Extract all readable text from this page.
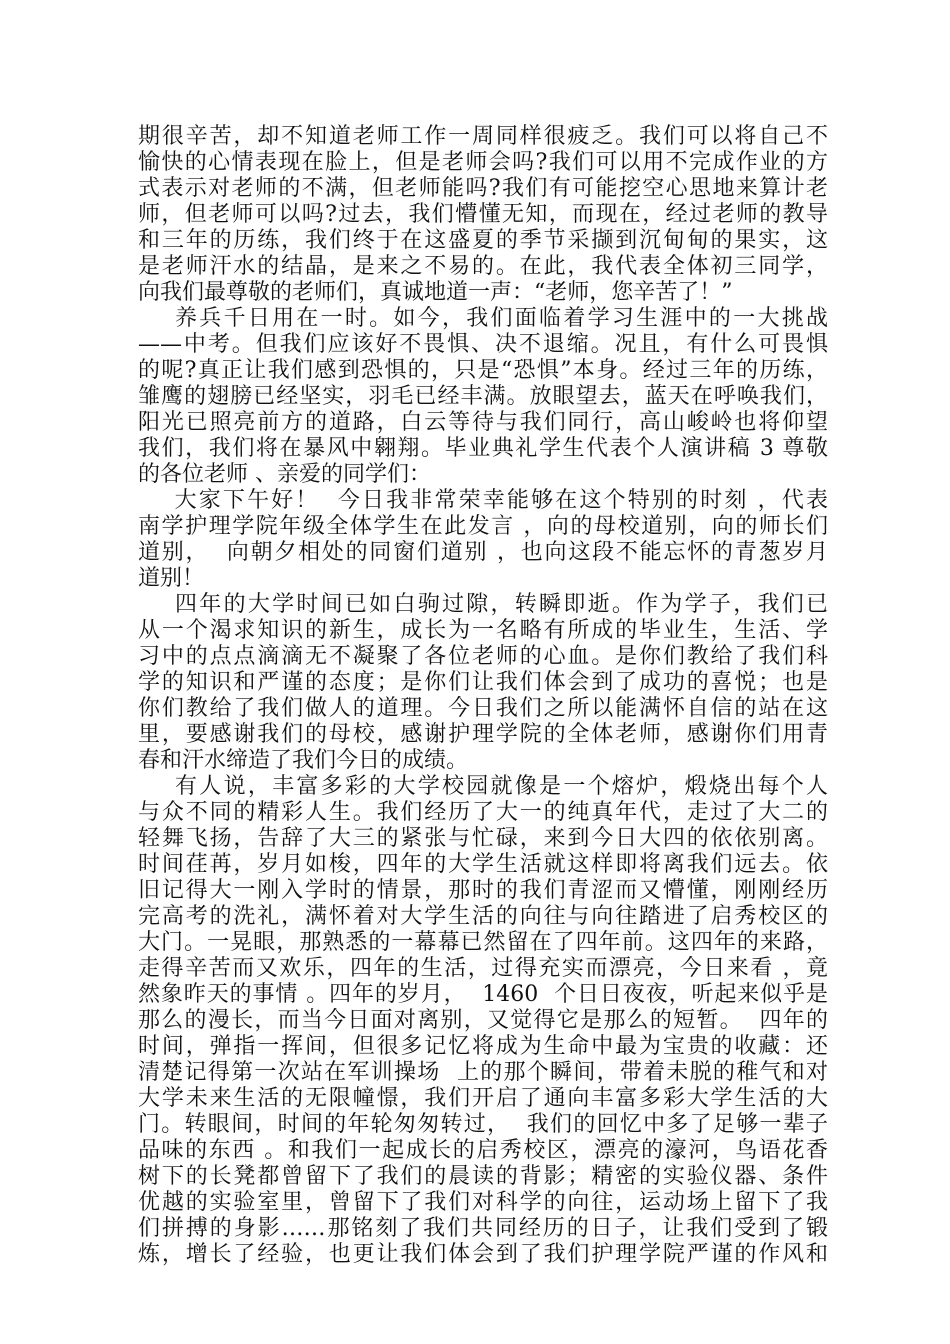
期很辛苦，却不知道老师工作一周同样很疲乏。我们可以将自己不
愉快的心情表现在脸上，但是老师会吗?我们可以用不完成作业的方
式表示对老师的不满，但老师能吗?我们有可能挖空心思地来算计老
师，但老师可以吗?过去，我们懵懂无知，而现在，经过老师的教导
和三年的历练，我们终于在这盛夏的季节采撷到沉甸甸的果实，这
是老师汗水的结晶，是来之不易的。在此，我代表全体初三同学，
向我们最尊敬的老师们，真诚地道一声：“老师，您辛苦了！”
养兵千日用在一时。如今，我们面临着学习生涯中的一大挑战
——中考。但我们应该好不畏惧、决不退缩。况且，有什么可畏惧
的呢?真正让我们感到恐惧的，只是“恐惧”本身。经过三年的历练，
雏鹰的翅膀已经坚实，羽毛已经丰满。放眼望去，蓝天在呼唤我们，
阳光已照亮前方的道路，白云等待与我们同行，高山峻岭也将仰望
我们，我们将在暴风中翱翔。毕业典礼学生代表个人演讲稿 3 尊敬
的各位老师 、亲爱的同学们：
大家下午好！  今日我非常荣幸能够在这个特别的时刻 ，代表
南学护理学院年级全体学生在此发言 ，向的母校道别，向的师长们
道别，  向朝夕相处的同窗们道别 ，也向这段不能忘怀的青葱岁月
道别！
四年的大学时间已如白驹过隙，转瞬即逝。作为学子，我们已
从一个渴求知识的新生，成长为一名略有所成的毕业生，生活、学
习中的点点滴滴无不凝聚了各位老师的心血。是你们教给了我们科
学的知识和严谨的态度；是你们让我们体会到了成功的喜悦；也是
你们教给了我们做人的道理。今日我们之所以能满怀自信的站在这
里，要感谢我们的母校，感谢护理学院的全体老师，感谢你们用青
春和汗水缔造了我们今日的成绩。
有人说，丰富多彩的大学校园就像是一个熔炉，煅烧出每个人
与众不同的精彩人生。我们经历了大一的纯真年代，走过了大二的
轻舞飞扬，告辞了大三的紧张与忙碌，来到今日大四的依依别离。
时间荏苒，岁月如梭，四年的大学生活就这样即将离我们远去。依
旧记得大一刚入学时的情景，那时的我们青涩而又懵懂，刚刚经历
完高考的洗礼，满怀着对大学生活的向往与向往踏进了启秀校区的
大门。一晃眼，那熟悉的一幕幕已然留在了四年前。这四年的来路，
走得辛苦而又欢乐，四年的生活，过得充实而漂亮，今日来看 ，竟
然象昨天的事情 。四年的岁月，  1460  个日日夜夜，听起来似乎是
那么的漫长，而当今日面对离别，又觉得它是那么的短暂。  四年的
时间，弹指一挥间，但很多记忆将成为生命中最为宝贵的收藏：还
清楚记得第一次站在军训操场  上的那个瞬间，带着未脱的稚气和对
大学未来生活的无限幢憬，我们开启了通向丰富多彩大学生活的大
门。转眼间，时间的年轮匆匆转过，  我们的回忆中多了足够一辈子
品味的东西 。和我们一起成长的启秀校区，漂亮的濠河，鸟语花香
树下的长凳都曾留下了我们的晨读的背影；精密的实验仪器、条件
优越的实验室里，曾留下了我们对科学的向往，运动场上留下了我
们拼搏的身影……那铭刻了我们共同经历的日子，让我们受到了锻
炼，增长了经验，也更让我们体会到了我们护理学院严谨的作风和
